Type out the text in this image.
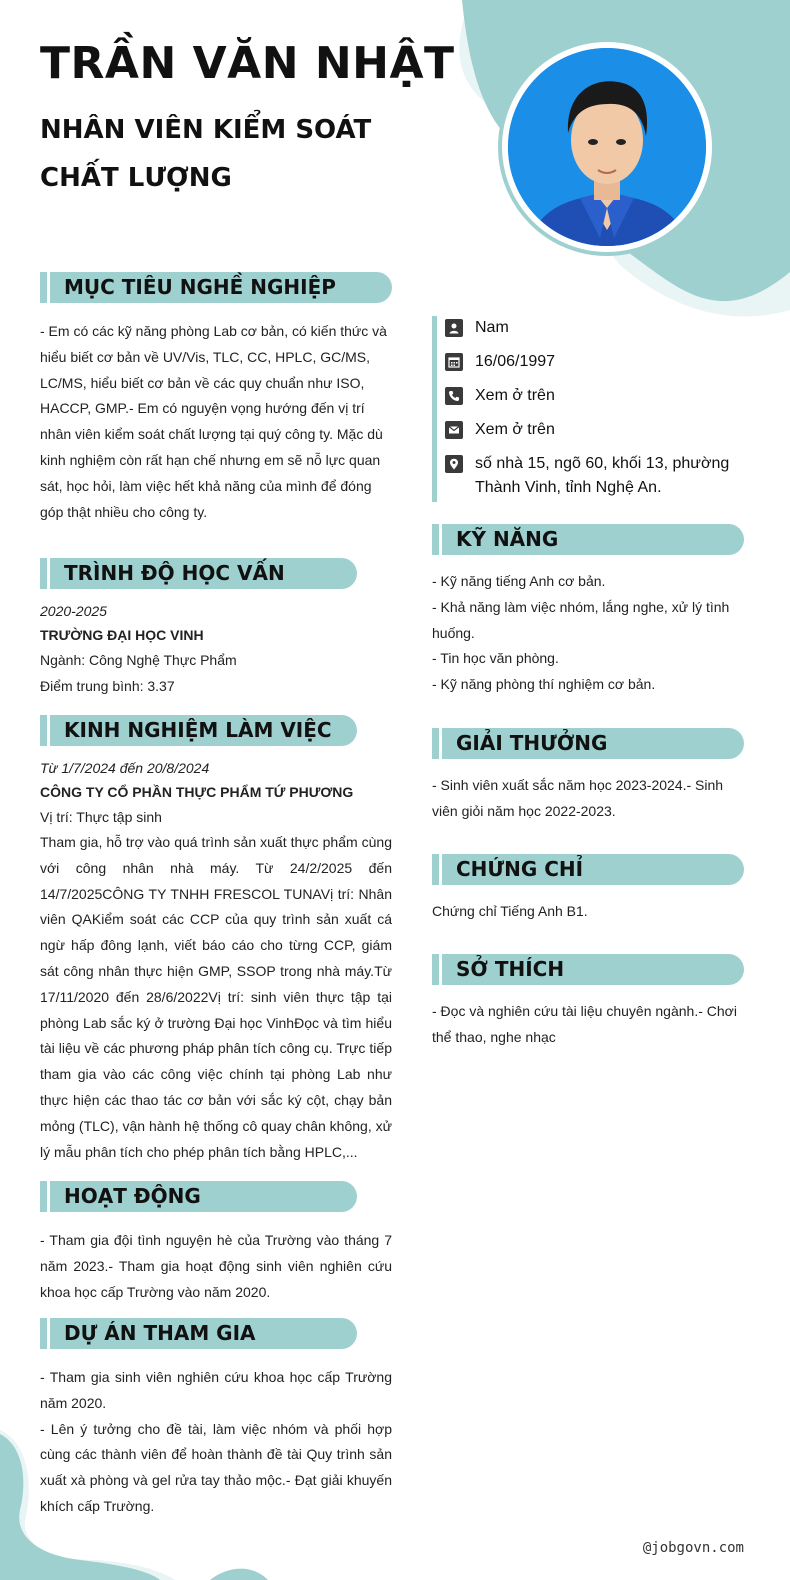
TRẦN VĂN NHẬT
NHÂN VIÊN KIỂM SOÁT
CHẤT LƯỢNG
Nam
16/06/1997
Xem ở trên
Xem ở trên
số nhà 15, ngõ 60, khối 13, phường Thành Vinh, tỉnh Nghệ An.
MỤC TIÊU NGHỀ NGHIỆP
- Em có các kỹ năng phòng Lab cơ bản, có kiến thức và hiểu biết cơ bản về UV/Vis, TLC, CC, HPLC, GC/MS, LC/MS, hiểu biết cơ bản về các quy chuẩn như ISO, HACCP, GMP.- Em có nguyện vọng hướng đến vị trí nhân viên kiểm soát chất lượng tại quý công ty. Mặc dù kinh nghiệm còn rất hạn chế nhưng em sẽ nỗ lực quan sát, học hỏi, làm việc hết khả năng của mình để đóng góp thật nhiều cho công ty.
TRÌNH ĐỘ HỌC VẤN
2020-2025
TRƯỜNG ĐẠI HỌC VINH
Ngành: Công Nghệ Thực Phẩm
Điểm trung bình: 3.37
KINH NGHIỆM LÀM VIỆC
Từ 1/7/2024 đến 20/8/2024
CÔNG TY CỔ PHẦN THỰC PHẨM TỨ PHƯƠNG
Vị trí: Thực tập sinh
Tham gia, hỗ trợ vào quá trình sản xuất thực phẩm cùng với công nhân nhà máy. Từ 24/2/2025 đến 14/7/2025CÔNG TY TNHH FRESCOL TUNAVị trí: Nhân viên QAKiểm soát các CCP của quy trình sản xuất cá ngừ hấp đông lạnh, viết báo cáo cho từng CCP, giám sát công nhân thực hiện GMP, SSOP trong nhà máy.Từ 17/11/2020 đến 28/6/2022Vị trí: sinh viên thực tập tại phòng Lab sắc ký ở trường Đại học VinhĐọc và tìm hiểu tài liệu về các phương pháp phân tích công cụ. Trực tiếp tham gia vào các công việc chính tại phòng Lab như thực hiện các thao tác cơ bản với sắc ký cột, chạy bản mỏng (TLC), vận hành hệ thống cô quay chân không, xử lý mẫu phân tích cho phép phân tích bằng HPLC,...
HOẠT ĐỘNG
- Tham gia đội tình nguyện hè của Trường vào tháng 7 năm 2023.- Tham gia hoạt động sinh viên nghiên cứu khoa học cấp Trường vào năm 2020.
DỰ ÁN THAM GIA
- Tham gia sinh viên nghiên cứu khoa học cấp Trường năm 2020.
- Lên ý tưởng cho đề tài, làm việc nhóm và phối hợp cùng các thành viên để hoàn thành đề tài Quy trình sản xuất xà phòng và gel rửa tay thảo mộc.- Đạt giải khuyến khích cấp Trường.
KỸ NĂNG
- Kỹ năng tiếng Anh cơ bản.
- Khả năng làm việc nhóm, lắng nghe, xử lý tình huống.
- Tin học văn phòng.
- Kỹ năng phòng thí nghiệm cơ bản.
GIẢI THƯỞNG
- Sinh viên xuất sắc năm học 2023-2024.- Sinh viên giỏi năm học 2022-2023.
CHỨNG CHỈ
Chứng chỉ Tiếng Anh B1.
SỞ THÍCH
- Đọc và nghiên cứu tài liệu chuyên ngành.- Chơi thể thao, nghe nhạc
@jobgovn.com
